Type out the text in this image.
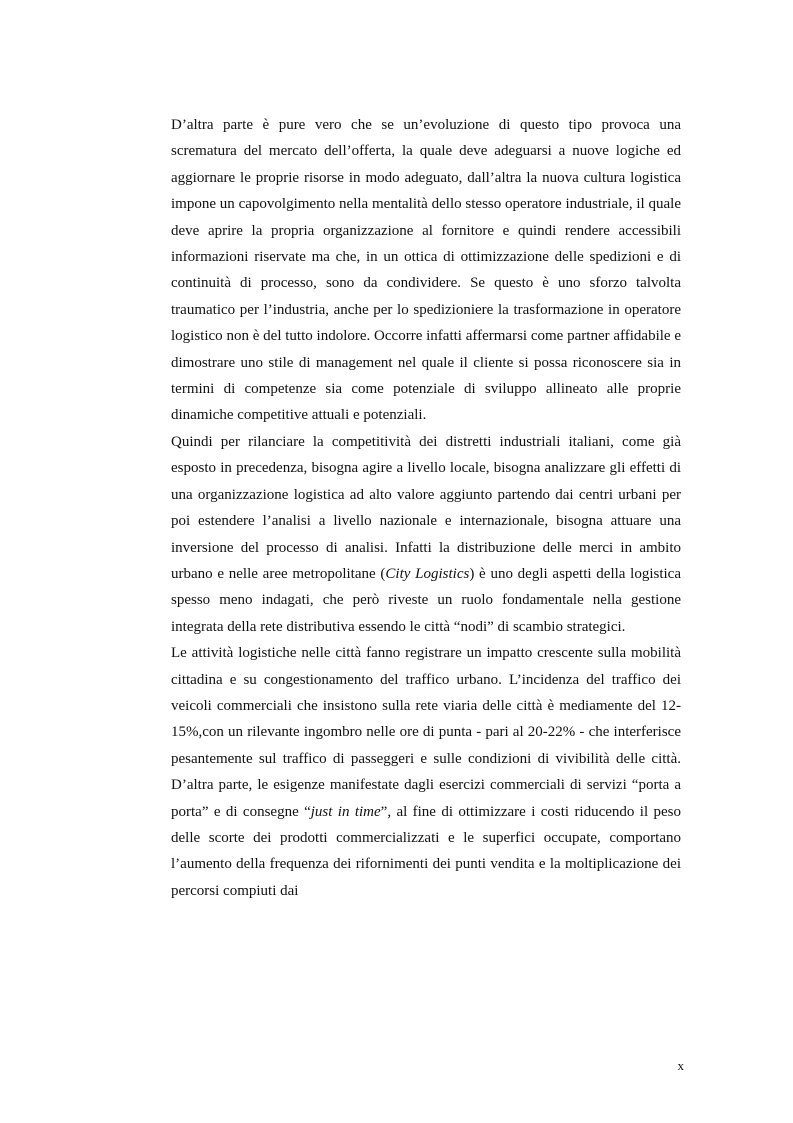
D’altra parte è pure vero che se un’evoluzione di questo tipo provoca una scrematura del mercato dell’offerta, la quale deve adeguarsi a nuove logiche ed aggiornare le proprie risorse in modo adeguato, dall’altra la nuova cultura logistica impone un capovolgimento nella mentalità dello stesso operatore industriale, il quale deve aprire la propria organizzazione al fornitore e quindi rendere accessibili informazioni riservate ma che, in un ottica di ottimizzazione delle spedizioni e di continuità di processo, sono da condividere. Se questo è uno sforzo talvolta traumatico per l’industria, anche per lo spedizioniere la trasformazione in operatore logistico non è del tutto indolore. Occorre infatti affermarsi come partner affidabile e dimostrare uno stile di management nel quale il cliente si possa riconoscere sia in termini di competenze sia come potenziale di sviluppo allineato alle proprie dinamiche competitive attuali e potenziali.

Quindi per rilanciare la competitività dei distretti industriali italiani, come già esposto in precedenza, bisogna agire a livello locale, bisogna analizzare gli effetti di una organizzazione logistica ad alto valore aggiunto partendo dai centri urbani per poi estendere l’analisi a livello nazionale e internazionale, bisogna attuare una inversione del processo di analisi. Infatti la distribuzione delle merci in ambito urbano e nelle aree metropolitane (City Logistics) è uno degli aspetti della logistica spesso meno indagati, che però riveste un ruolo fondamentale nella gestione integrata della rete distributiva essendo le città “nodi” di scambio strategici.

Le attività logistiche nelle città fanno registrare un impatto crescente sulla mobilità cittadina e su congestionamento del traffico urbano. L’incidenza del traffico dei veicoli commerciali che insistono sulla rete viaria delle città è mediamente del 12-15%,con un rilevante ingombro nelle ore di punta - pari al 20-22% - che interferisce pesantemente sul traffico di passeggeri e sulle condizioni di vivibilità delle città. D’altra parte, le esigenze manifestate dagli esercizi commerciali di servizi “porta a porta” e di consegne “just in time”, al fine di ottimizzare i costi riducendo il peso delle scorte dei prodotti commercializzati e le superfici occupate, comportano l’aumento della frequenza dei rifornimenti dei punti vendita e la moltiplicazione dei percorsi compiuti dai

x
